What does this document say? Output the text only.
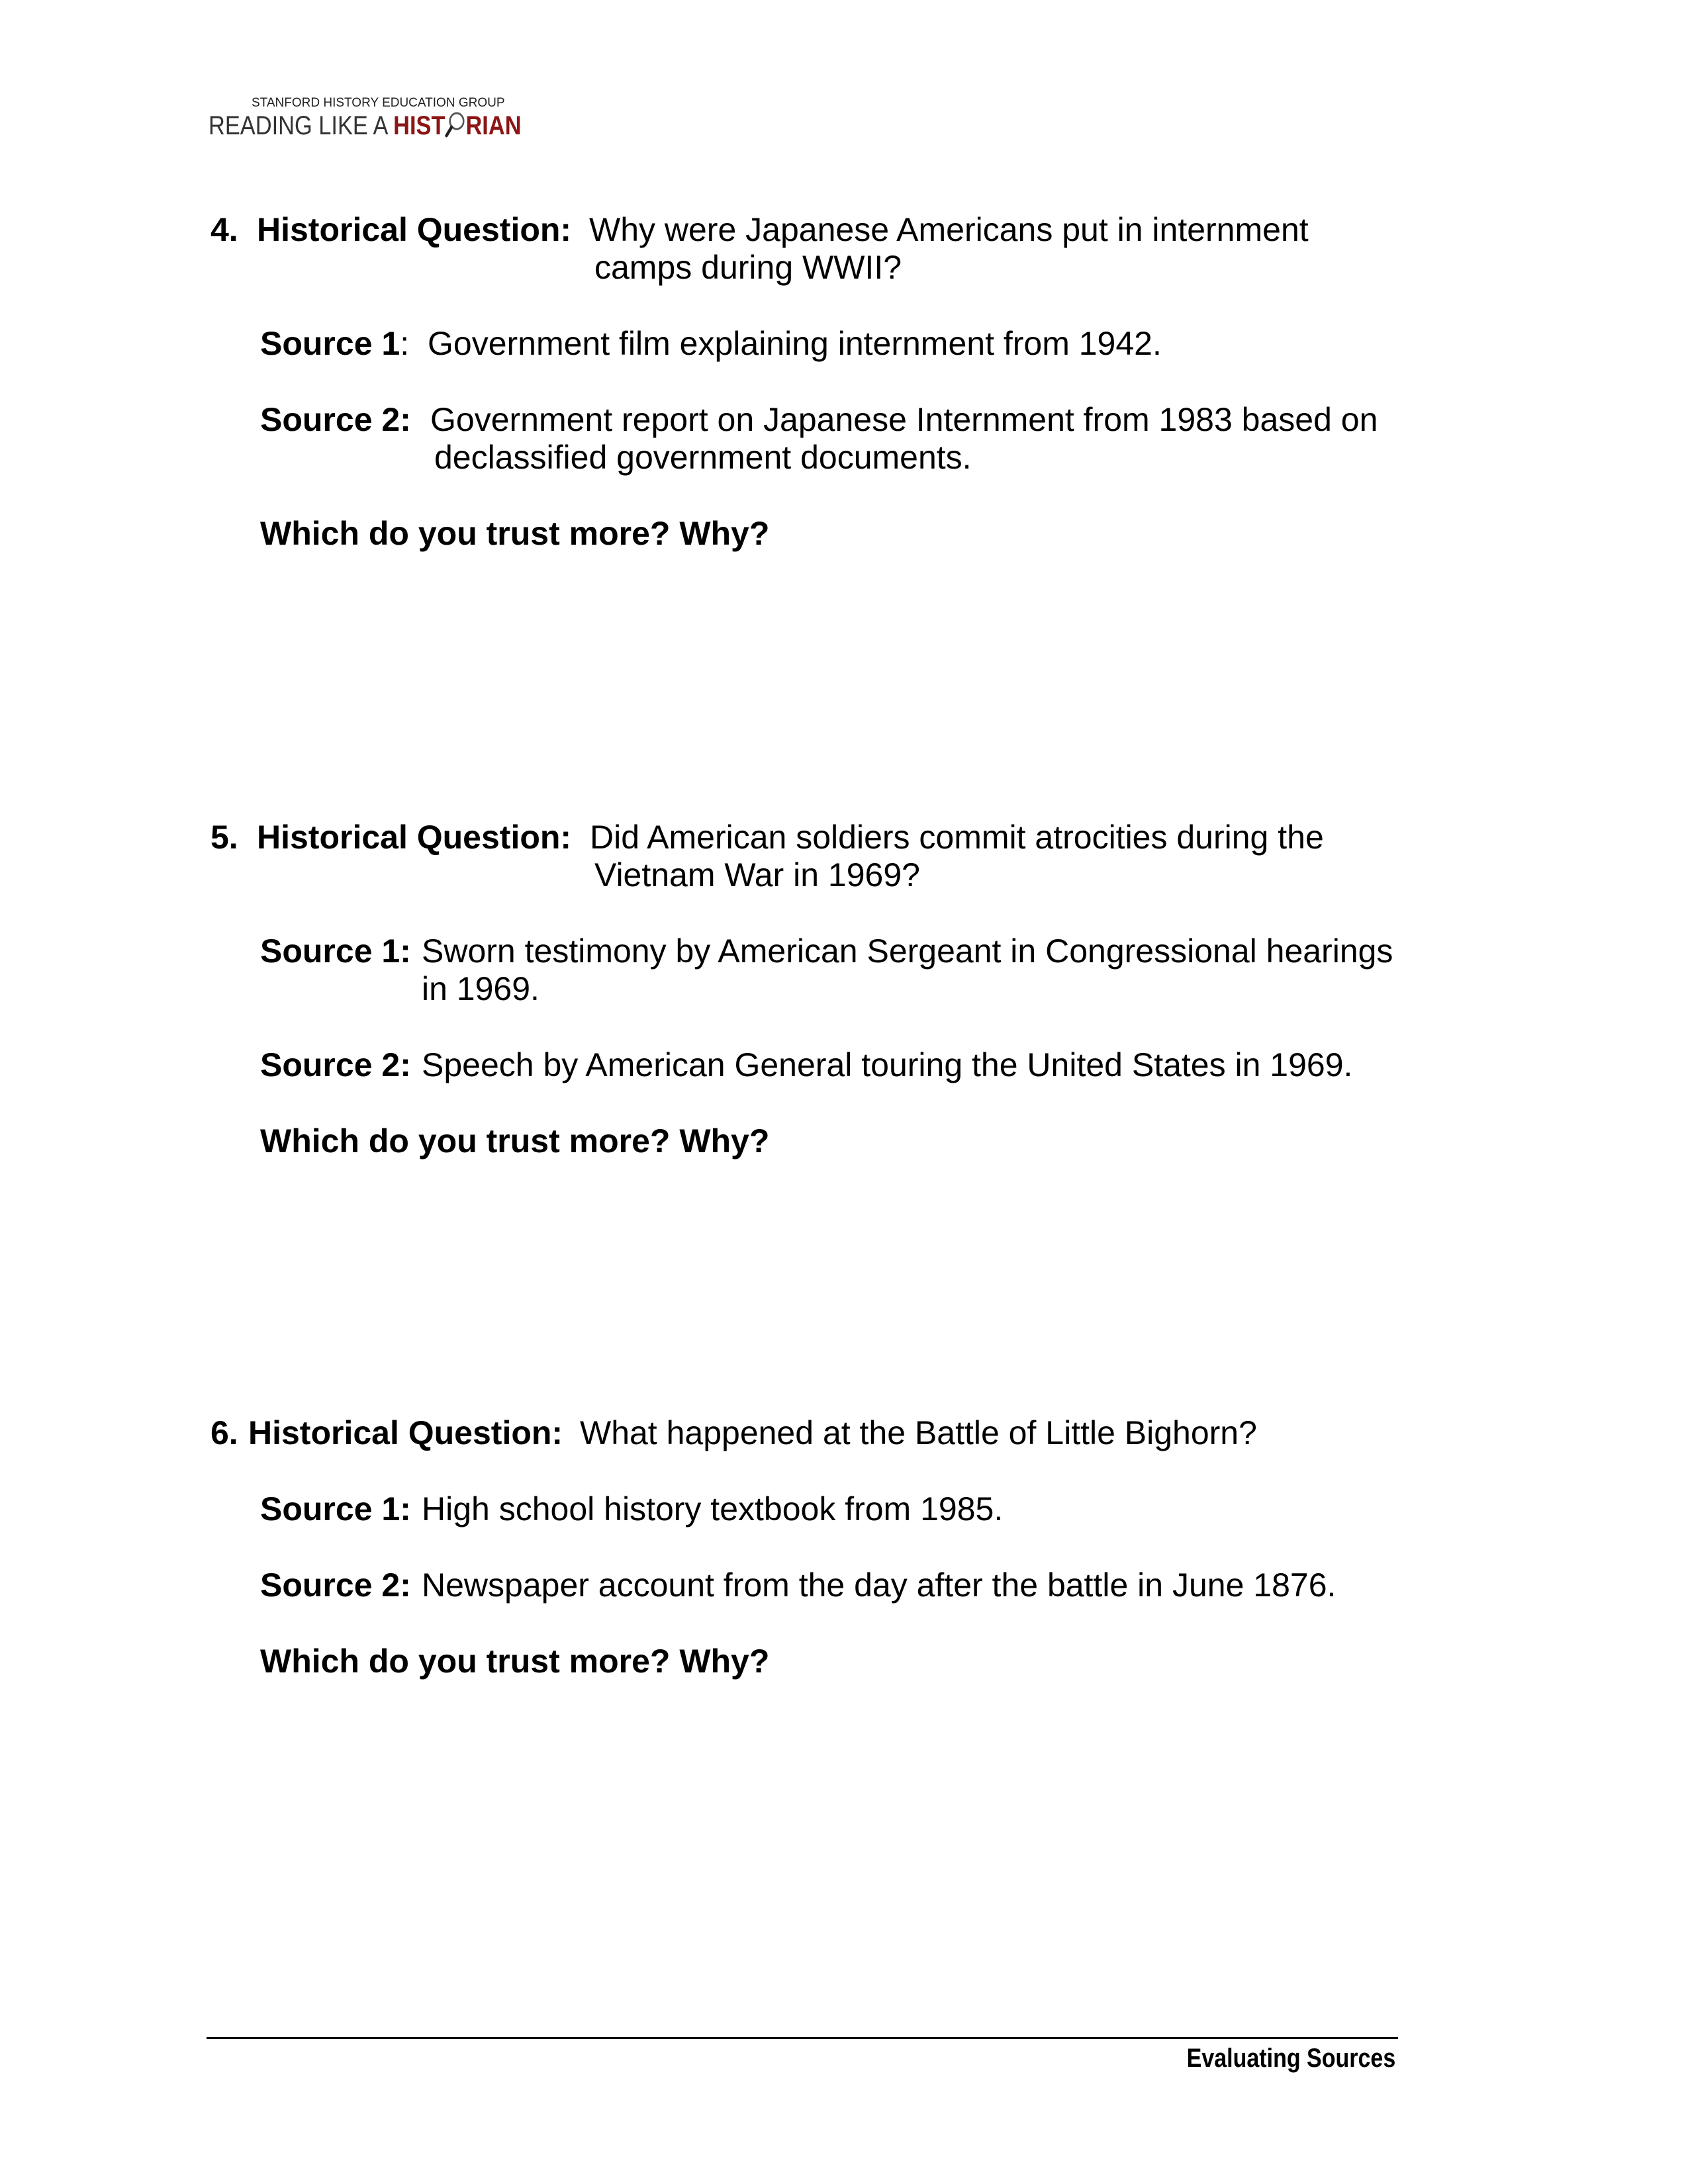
STANFORD HISTORY EDUCATION GROUP
READING LIKE A HIST RIAN
4. Historical Question: Why were Japanese Americans put in internment
camps during WWII?
Source 1: Government film explaining internment from 1942.
Source 2: Government report on Japanese Internment from 1983 based on
declassified government documents.
Which do you trust more? Why?
5. Historical Question: Did American soldiers commit atrocities during the
Vietnam War in 1969?
Source 1: Sworn testimony by American Sergeant in Congressional hearings
in 1969.
Source 2: Speech by American General touring the United States in 1969.
Which do you trust more? Why?
6. Historical Question: What happened at the Battle of Little Bighorn?
Source 1: High school history textbook from 1985.
Source 2: Newspaper account from the day after the battle in June 1876.
Which do you trust more? Why?
Evaluating Sources
